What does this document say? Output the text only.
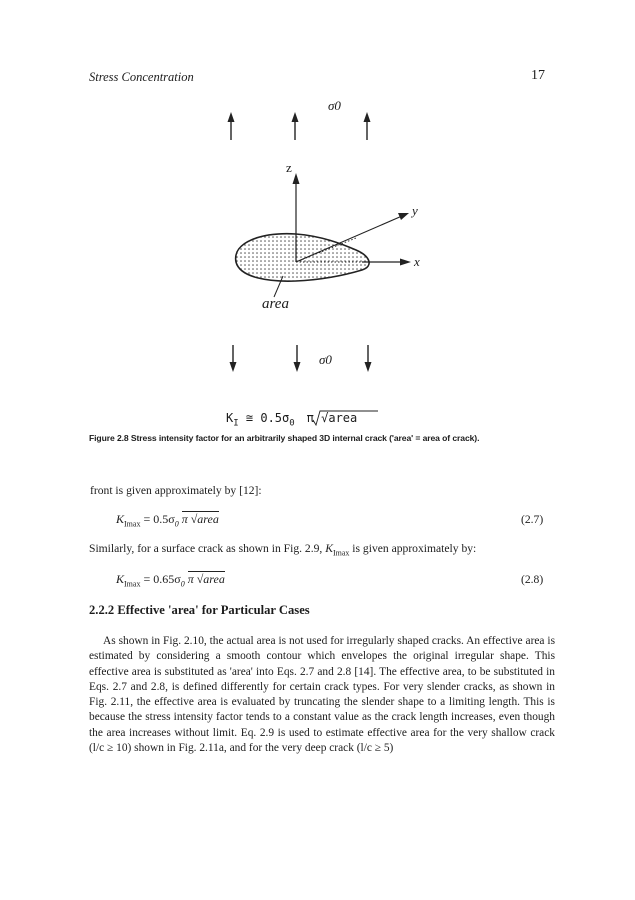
Stress Concentration	17
σ0
z
y
x
area
σ0
$K_I$ ≅ $0.5\sigma_0$ π √area
Figure 2.8 Stress intensity factor for an arbitrarily shaped 3D internal crack ('area' = area of crack).
front is given approximately by [12]:
$K_{Imax} = 0.5\sigma_0$ π √area	(2.7)
Similarly, for a surface crack as shown in Fig. 2.9, $K_{Imax}$ is given approximately by:
$K_{Imax} = 0.65\sigma_0$ π √area	(2.8)
2.2.2 Effective 'area' for Particular Cases
As shown in Fig. 2.10, the actual area is not used for irregularly shaped cracks. An effective area is estimated by considering a smooth contour which envelopes the original irregular shape. This effective area is substituted as 'area' into Eqs. 2.7 and 2.8 [14]. The effective area, to be substituted in Eqs. 2.7 and 2.8, is defined differently for certain crack types. For very slender cracks, as shown in Fig. 2.11, the effective area is evaluated by truncating the slender shape to a limiting length. This is because the stress intensity factor tends to a constant value as the crack length increases, even though the area increases without limit. Eq. 2.9 is used to estimate effective area for the very shallow crack (l/c ≥ 10) shown in Fig. 2.11a, and for the very deep crack (l/c ≥ 5)
